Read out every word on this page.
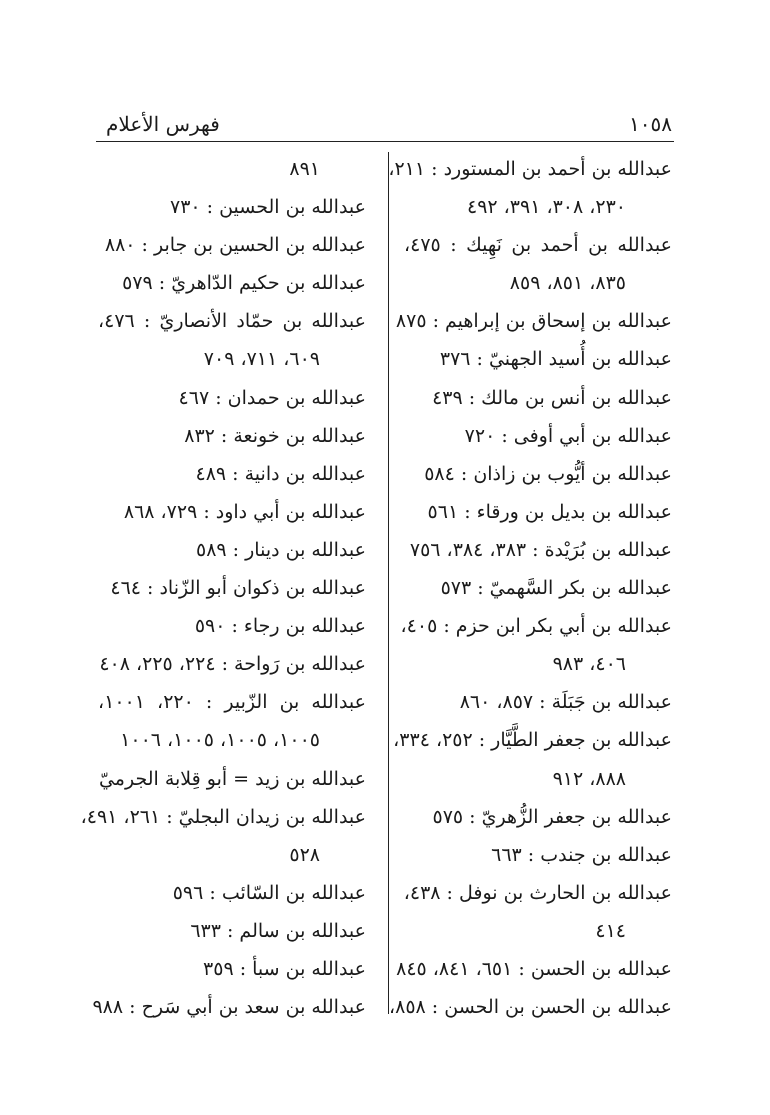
١٠٥٨
فهرس الأعلام
عبدالله بن أحمد بن المستورد : ٢١١،
٢٣٠، ٣٠٨، ٣٩١، ٤٩٢
عبدالله بن أحمد بن نَهِيك : ٤٧٥،
٨٣٥، ٨٥١، ٨٥٩
عبدالله بن إسحاق بن إبراهيم : ٨٧٥
عبدالله بن أُسيد الجهنيّ : ٣٧٦
عبدالله بن أنس بن مالك : ٤٣٩
عبدالله بن أبي أوفى : ٧٢٠
عبدالله بن أيُّوب بن زاذان : ٥٨٤
عبدالله بن بديل بن ورقاء : ٥٦١
عبدالله بن بُرَيْدة : ٣٨٣، ٣٨٤، ٧٥٦
عبدالله بن بكر السَّهميّ : ٥٧٣
عبدالله بن أبي بكر ابن حزم : ٤٠٥،
٤٠٦، ٩٨٣
عبدالله بن جَبَلَة : ٨٥٧، ٨٦٠
عبدالله بن جعفر الطَّيَّار : ٢٥٢، ٣٣٤،
٨٨٨، ٩١٢
عبدالله بن جعفر الزُّهريّ : ٥٧٥
عبدالله بن جندب : ٦٦٣
عبدالله بن الحارث بن نوفل : ٤٣٨،
٤١٤
عبدالله بن الحسن : ٦٥١، ٨٤١، ٨٤٥
عبدالله بن الحسن بن الحسن : ٨٥٨،
٨٩١
عبدالله بن الحسين : ٧٣٠
عبدالله بن الحسين بن جابر : ٨٨٠
عبدالله بن حكيم الدّاهريّ : ٥٧٩
عبدالله بن حمّاد الأنصاريّ : ٤٧٦،
٦٠٩، ٧١١، ٧٠٩
عبدالله بن حمدان : ٤٦٧
عبدالله بن خونعة : ٨٣٢
عبدالله بن دانية : ٤٨٩
عبدالله بن أبي داود : ٧٢٩، ٨٦٨
عبدالله بن دينار : ٥٨٩
عبدالله بن ذكوان أبو الزّناد : ٤٦٤
عبدالله بن رجاء : ٥٩٠
عبدالله بن رَواحة : ٢٢٤، ٢٢٥، ٤٠٨
عبدالله بن الزّبير : ٢٢٠، ١٠٠١،
١٠٠٥، ١٠٠٥، ١٠٠٥، ١٠٠٦
عبدالله بن زيد = أبو قِلابة الجرميّ
عبدالله بن زيدان البجليّ : ٢٦١، ٤٩١،
٥٢٨
عبدالله بن السّائب : ٥٩٦
عبدالله بن سالم : ٦٣٣
عبدالله بن سبأ : ٣٥٩
عبدالله بن سعد بن أبي سَرح : ٩٨٨
